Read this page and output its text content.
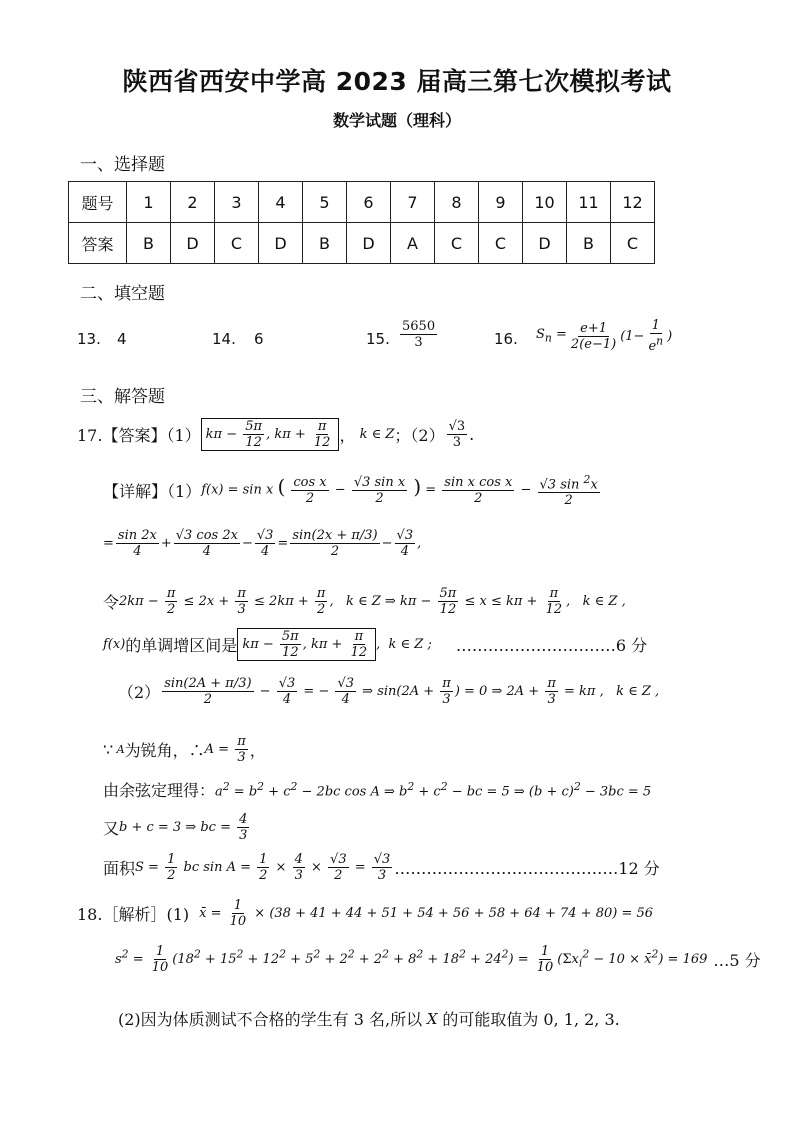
陕西省西安中学高 2023 届高三第七次模拟考试
数学试题（理科）
一、选择题
题号	1	2	3	4	5	6	7	8	9	10	11	12
答案	B	D	C	D	B	D	A	C	C	D	B	C
二、填空题
13. 4	14. 6	15. $\frac{5650}{3}$	16. $S_n = \frac{e+1}{2(e-1)} (1- \frac{1}{e^n}$ )
三、解答题
17.【答案】（1） $k\pi - \frac{5\pi}{12}$ , $k\pi + \frac{\pi}{12}$ ， k ∈ Z ；$(2) \frac{√3}{3}$ .
【详解】（1） f(x) = sin x ( $\frac{\text{cos x}}{2} - \frac{\text{√3 sin x}}{2}$ ) = $\frac{\text{sin x cos x}}{2} - \frac{√3 \sin ^2x}{2}$
= $\frac{\sin 2x}{4} + \frac{√3 \cos 2x}{4} - \frac{√3}{4} = \frac{\sin(2x + \pi/3)}{2} - \frac{√3}{4}$ ,
令 $2k\pi - \frac{\pi}{2} \le 2x + \frac{\pi}{3} \le 2k\pi + \frac{\pi}{2}$ ,   k ∈ Z ⇒ $k\pi - \frac{5\pi}{12} \le x \le k\pi + \frac{\pi}{12}$ ,   k ∈ Z ,
f(x) 的单调增区间是 $k\pi - \frac{5\pi}{12}$ , $k\pi + \frac{\pi}{12}$ ,  k ∈ Z ; …………………………6 分
$(2) \frac{\sin(2A + \pi/3)}{2} - \frac{√3}{4}$ = − $\frac{√3}{4}$ ⇒ $\sin(2A + \frac{\pi}{3}$ ) = 0 ⇒ $2A + \frac{\pi}{3} = k\pi$ ,   k ∈ Z ,
∵ A 为锐角，∴ $A = \frac{\pi}{3}$ ，
由余弦定理得： $a^2 = b^2 + c^2 - 2bc$ cos A ⇒ $b^2 + c^2$ − bc = 5 ⇒ $(b + c)^2 - 3bc = 5$
又 b + c = 3 ⇒ bc = $\frac{4}{3}$
面积 $S = \frac{1}{2}$ bc $\sin A = \frac{1}{2} \times \frac{4}{3} \times \frac{√3}{2} = \frac{√3}{3}$ ……………………………………12 分
18.［解析］(1) x̄ = $\frac{1}{10} \times (38 + 41 + 44 + 51 + 54 + 56 + 58 + 64 + 74 + 80) = 56$
$s^2 = \frac{1}{10} (18^2 + 15^2 + 12^2 + 5^2 + 2^2 + 2^2 + 8^2 + 18^2 + 24^2) = \frac{1}{10} (\Sigma x_i^2 - 10$ × x̄$^2$) = 169 …5 分
(2)因为体质测试不合格的学生有 3 名,所以 X 的可能取值为 0, 1, 2, 3.
